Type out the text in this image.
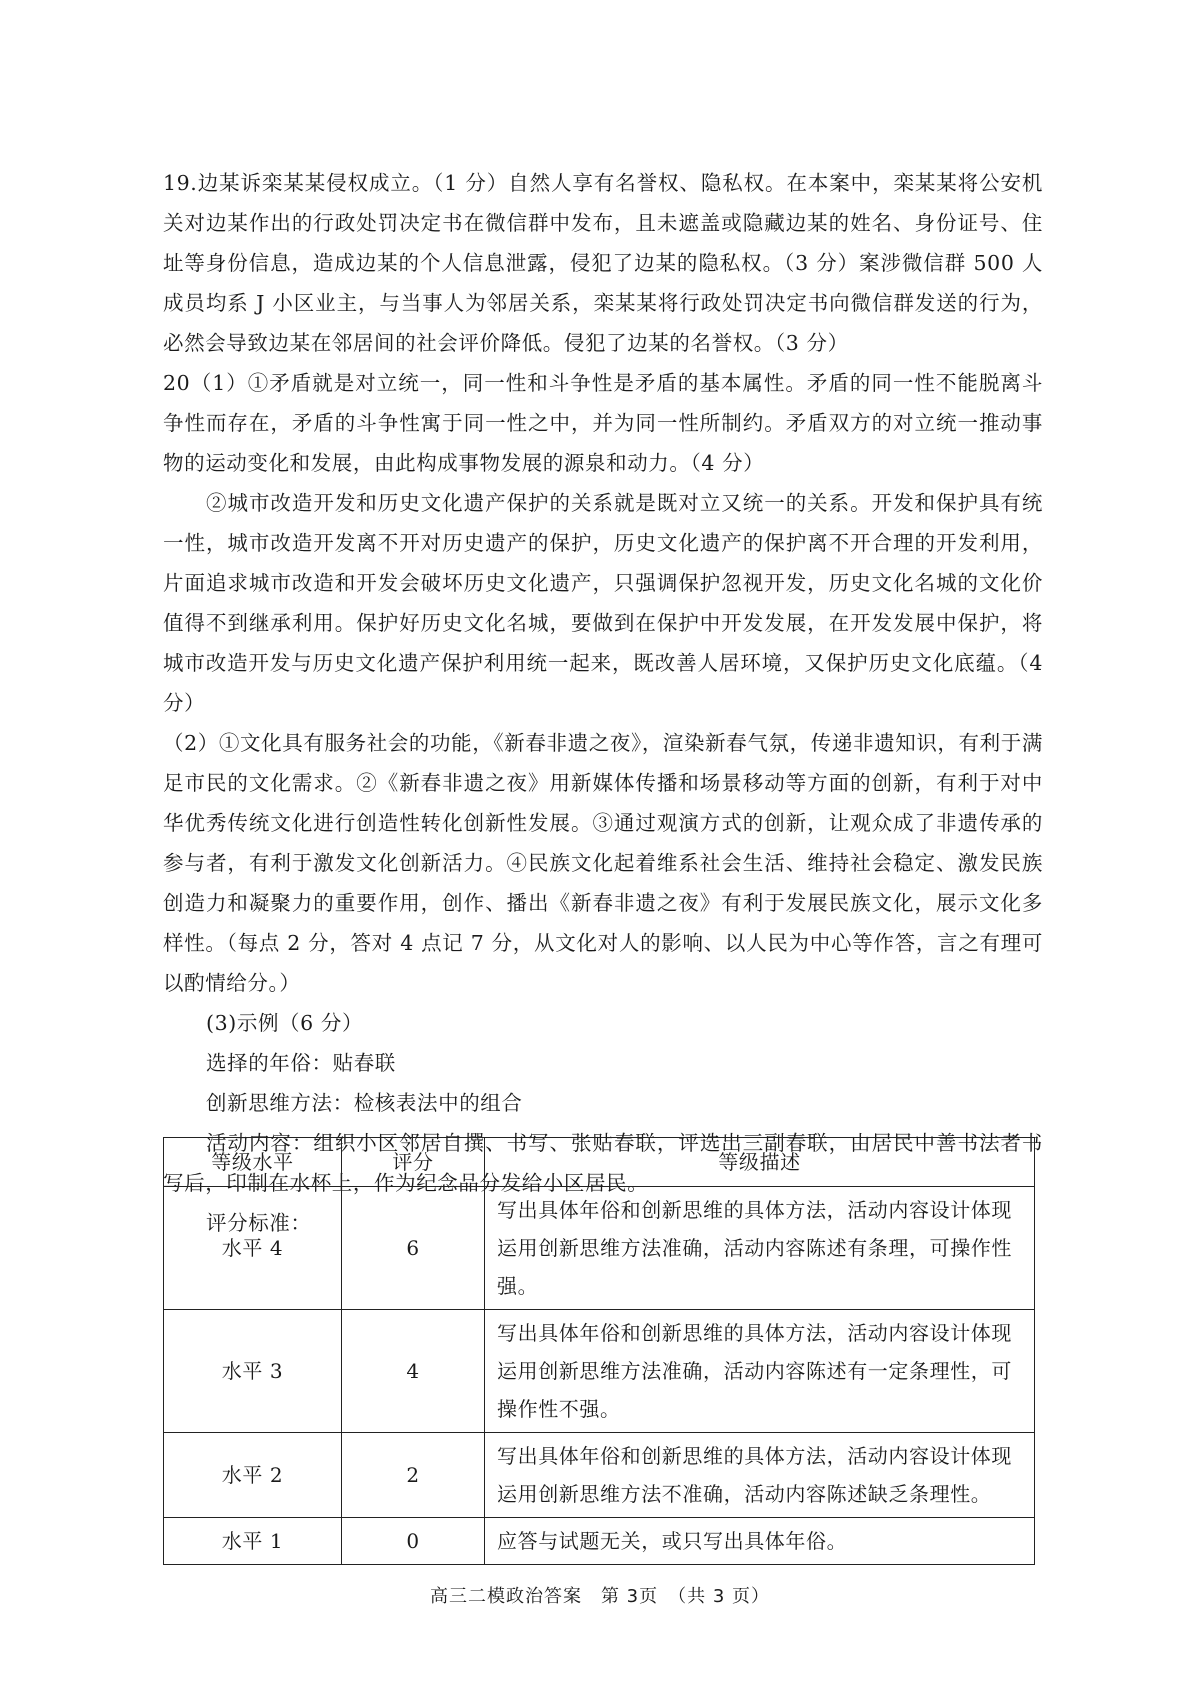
19.边某诉栾某某侵权成立。（1 分）自然人享有名誉权、隐私权。在本案中，栾某某将公安机关对边某作出的行政处罚决定书在微信群中发布，且未遮盖或隐藏边某的姓名、身份证号、住址等身份信息，造成边某的个人信息泄露，侵犯了边某的隐私权。（3 分）案涉微信群 500 人成员均系 J 小区业主，与当事人为邻居关系，栾某某将行政处罚决定书向微信群发送的行为，必然会导致边某在邻居间的社会评价降低。侵犯了边某的名誉权。（3 分）

20（1）①矛盾就是对立统一，同一性和斗争性是矛盾的基本属性。矛盾的同一性不能脱离斗争性而存在，矛盾的斗争性寓于同一性之中，并为同一性所制约。矛盾双方的对立统一推动事物的运动变化和发展，由此构成事物发展的源泉和动力。（4 分）

②城市改造开发和历史文化遗产保护的关系就是既对立又统一的关系。开发和保护具有统一性，城市改造开发离不开对历史遗产的保护，历史文化遗产的保护离不开合理的开发利用，片面追求城市改造和开发会破坏历史文化遗产，只强调保护忽视开发，历史文化名城的文化价值得不到继承利用。保护好历史文化名城，要做到在保护中开发发展，在开发发展中保护，将城市改造开发与历史文化遗产保护利用统一起来，既改善人居环境，又保护历史文化底蕴。（4 分）

（2）①文化具有服务社会的功能，《新春非遗之夜》，渲染新春气氛，传递非遗知识，有利于满足市民的文化需求。②《新春非遗之夜》用新媒体传播和场景移动等方面的创新，有利于对中华优秀传统文化进行创造性转化创新性发展。③通过观演方式的创新，让观众成了非遗传承的参与者，有利于激发文化创新活力。④民族文化起着维系社会生活、维持社会稳定、激发民族创造力和凝聚力的重要作用，创作、播出《新春非遗之夜》有利于发展民族文化，展示文化多样性。（每点 2 分，答对 4 点记 7 分，从文化对人的影响、以人民为中心等作答，言之有理可以酌情给分。）

(3)示例（6 分）

选择的年俗：贴春联

创新思维方法：检核表法中的组合

活动内容：组织小区邻居自撰、书写、张贴春联，评选出三副春联，由居民中善书法者书写后，印制在水杯上，作为纪念品分发给小区居民。

评分标准：

等级水平	评分	等级描述
水平 4	6	写出具体年俗和创新思维的具体方法，活动内容设计体现运用创新思维方法准确，活动内容陈述有条理，可操作性强。
水平 3	4	写出具体年俗和创新思维的具体方法，活动内容设计体现运用创新思维方法准确，活动内容陈述有一定条理性，可操作性不强。
水平 2	2	写出具体年俗和创新思维的具体方法，活动内容设计体现运用创新思维方法不准确，活动内容陈述缺乏条理性。
水平 1	0	应答与试题无关，或只写出具体年俗。
高三二模政治答案　第 3页　（共 3 页）
